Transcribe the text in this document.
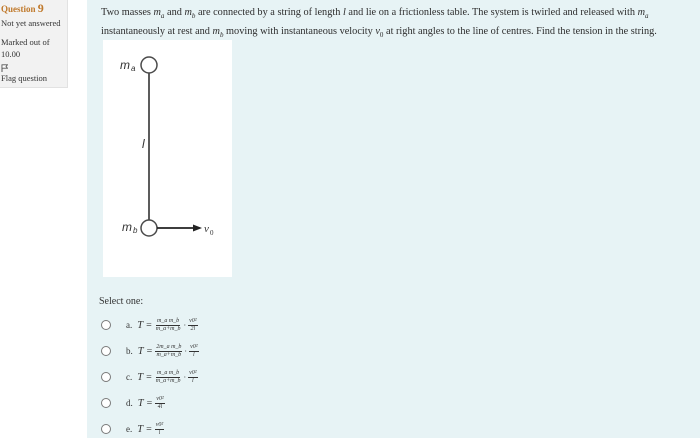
Question 9
Not yet answered
Marked out of
10.00
Flag question
Two masses $m_a$ and $m_b$ are connected by a string of length l and lie on a frictionless table. The system is twirled and released with $m_a$
instantaneously at rest and $m_b$ moving with instantaneous velocity $v_0$ at right angles to the line of centres. Find the tension in the string.
m a
l
m b	v 0
Select one:
a. $T = \frac{\text{m\_a m\_b}}{m\_a+m\_b} \cdot \frac{\text{v0²}}{2l}$
b. $T = \frac{\text{2m\_a m\_b}}{m\_a+m\_b} \cdot \frac{\text{v0²}}{l}$
c. $T = \frac{\text{m\_a m\_b}}{m\_a+m\_b} \cdot \frac{\text{v0²}}{l}$
d. $T = \frac{\text{v0²}}{4l}$
e. $T = \frac{\text{v0²}}{l}$
